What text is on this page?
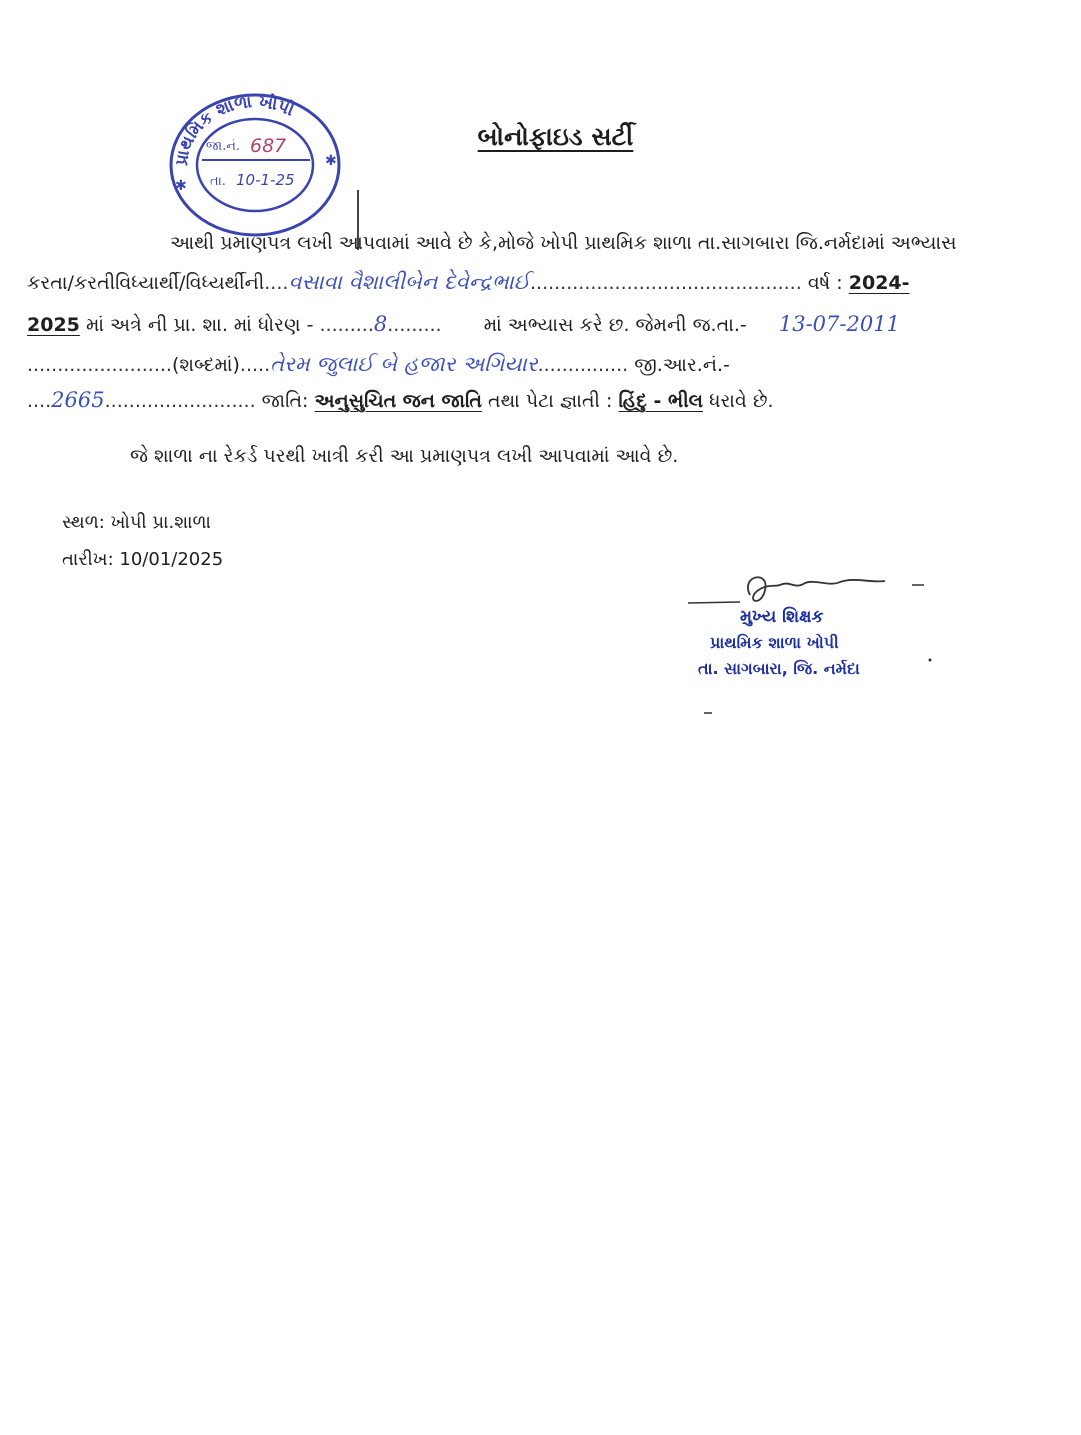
પ્રાથમિક શાળા ખોપી
જા.નં. 687
તા. 10-1-25
✱
✱
બોનોફાઇડ સર્ટી
આથી પ્રમાણપત્ર લખી આપવામાં આવે છે કે,મોજે ખોપી પ્રાથમિક શાળા તા.સાગબારા જિ.નર્મદામાં અભ્યાસ
કરતા/કરતીવિધ્યાર્થી/વિધ્યર્થીની....વસાવા વૈશાલીબેન દેવેન્દ્રભાઈ............................................. વર્ષ : 2024-
2025 માં અત્રે ની પ્રા. શા. માં ધોરણ - .........8......... માં અભ્યાસ કરે છ. જેમની જ.તા.- 13-07-2011
........................(શબ્દમાં).....તેરમ જુલાઈ બે હજાર અગિયાર............... જી.આર.નં.-
....2665......................... જાતિ: અનુસુચિત જન જાતિ તથા પેટા જ્ઞાતી : હિંદુ - ભીલ ધરાવે છે.
જે શાળા ના રેકર્ડ પરથી ખાત્રી કરી આ પ્રમાણપત્ર લખી આપવામાં આવે છે.
સ્થળ: ખોપી પ્રા.શાળા
તારીખ: 10/01/2025
મુખ્ય શિક્ષક
પ્રાથમિક શાળા ખોપી
તા. સાગબારા, જિ. નર્મદા
